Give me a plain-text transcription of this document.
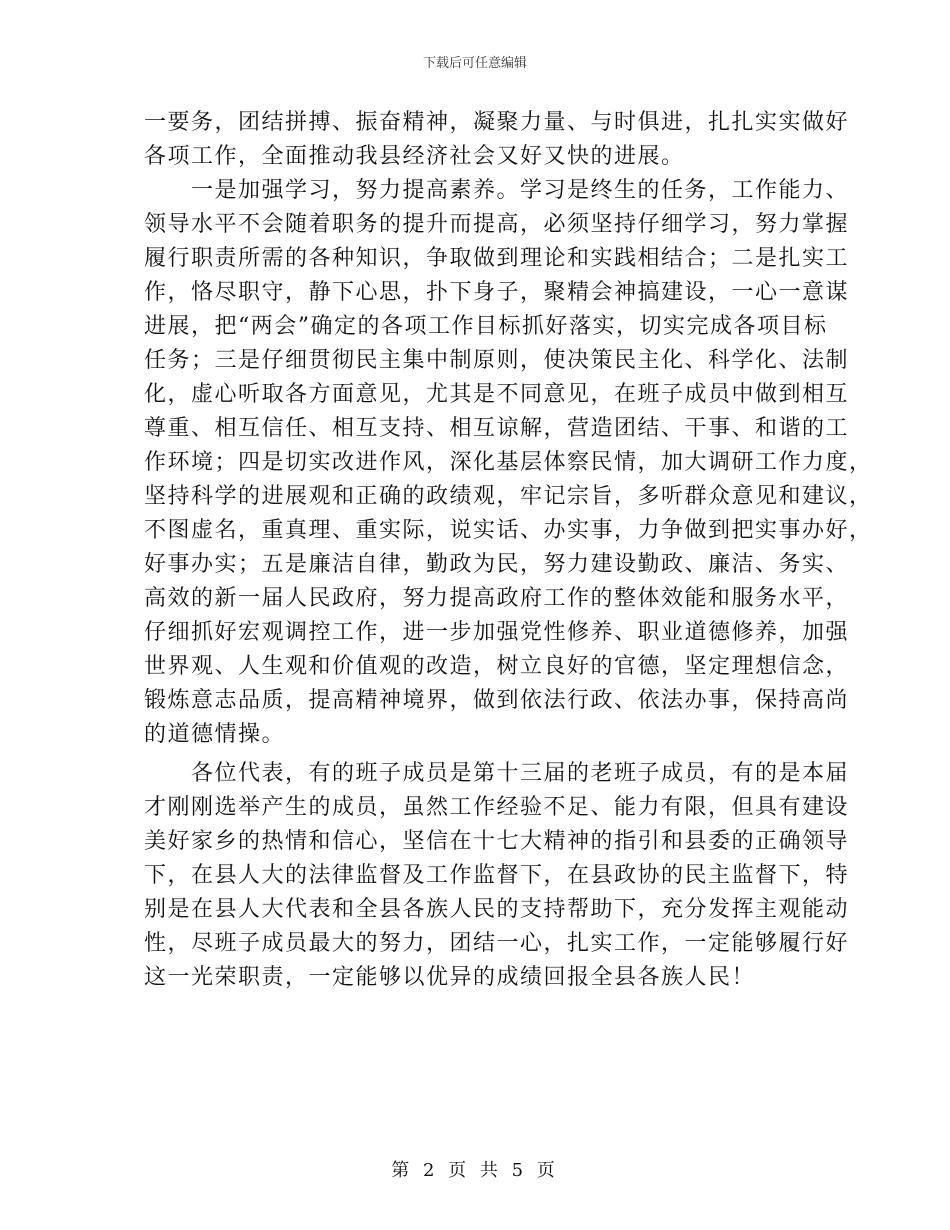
下载后可任意编辑
一要务，团结拼搏、振奋精神，凝聚力量、与时俱进，扎扎实实做好
各项工作，全面推动我县经济社会又好又快的进展。
　　一是加强学习，努力提高素养。学习是终生的任务，工作能力、
领导水平不会随着职务的提升而提高，必须坚持仔细学习，努力掌握
履行职责所需的各种知识，争取做到理论和实践相结合；二是扎实工
作，恪尽职守，静下心思，扑下身子，聚精会神搞建设，一心一意谋
进展，把“两会”确定的各项工作目标抓好落实，切实完成各项目标
任务；三是仔细贯彻民主集中制原则，使决策民主化、科学化、法制
化，虚心听取各方面意见，尤其是不同意见，在班子成员中做到相互
尊重、相互信任、相互支持、相互谅解，营造团结、干事、和谐的工
作环境；四是切实改进作风，深化基层体察民情，加大调研工作力度，
坚持科学的进展观和正确的政绩观，牢记宗旨，多听群众意见和建议，
不图虚名，重真理、重实际，说实话、办实事，力争做到把实事办好，
好事办实；五是廉洁自律，勤政为民，努力建设勤政、廉洁、务实、
高效的新一届人民政府，努力提高政府工作的整体效能和服务水平，
仔细抓好宏观调控工作，进一步加强党性修养、职业道德修养，加强
世界观、人生观和价值观的改造，树立良好的官德，坚定理想信念，
锻炼意志品质，提高精神境界，做到依法行政、依法办事，保持高尚
的道德情操。
　　各位代表，有的班子成员是第十三届的老班子成员，有的是本届
才刚刚选举产生的成员，虽然工作经验不足、能力有限，但具有建设
美好家乡的热情和信心，坚信在十七大精神的指引和县委的正确领导
下，在县人大的法律监督及工作监督下，在县政协的民主监督下，特
别是在县人大代表和全县各族人民的支持帮助下，充分发挥主观能动
性，尽班子成员最大的努力，团结一心，扎实工作，一定能够履行好
这一光荣职责，一定能够以优异的成绩回报全县各族人民！
第 2 页 共 5 页
